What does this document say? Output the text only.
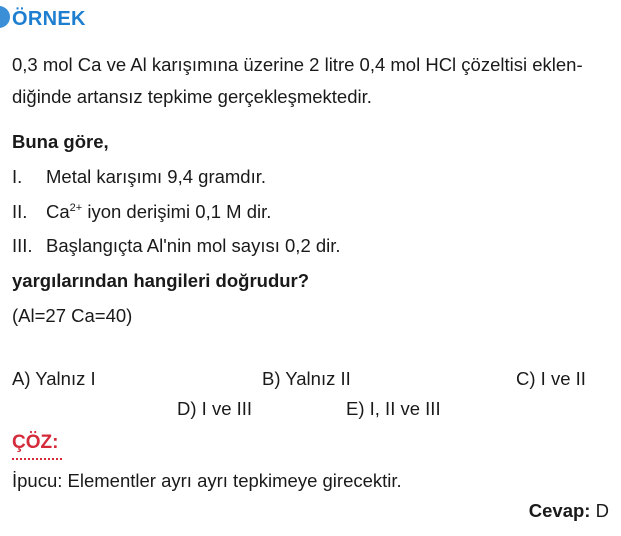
ÖRNEK
0,3 mol Ca ve Al karışımına üzerine 2 litre 0,4 mol HCl çözeltisi eklen-
diğinde artansız tepkime gerçekleşmektedir.
Buna göre,
I. Metal karışımı 9,4 gramdır.
II. $Ca^{2+}$ iyon derişimi 0,1 M dir.
III. Başlangıçta Al'nin mol sayısı 0,2 dir.
yargılarından hangileri doğrudur?
(Al=27 Ca=40)
A) Yalnız I	B) Yalnız II	C) I ve II
D) I ve III	E) I, II ve III
ÇÖZ:
İpucu: Elementler ayrı ayrı tepkimeye girecektir.
Cevap: D
